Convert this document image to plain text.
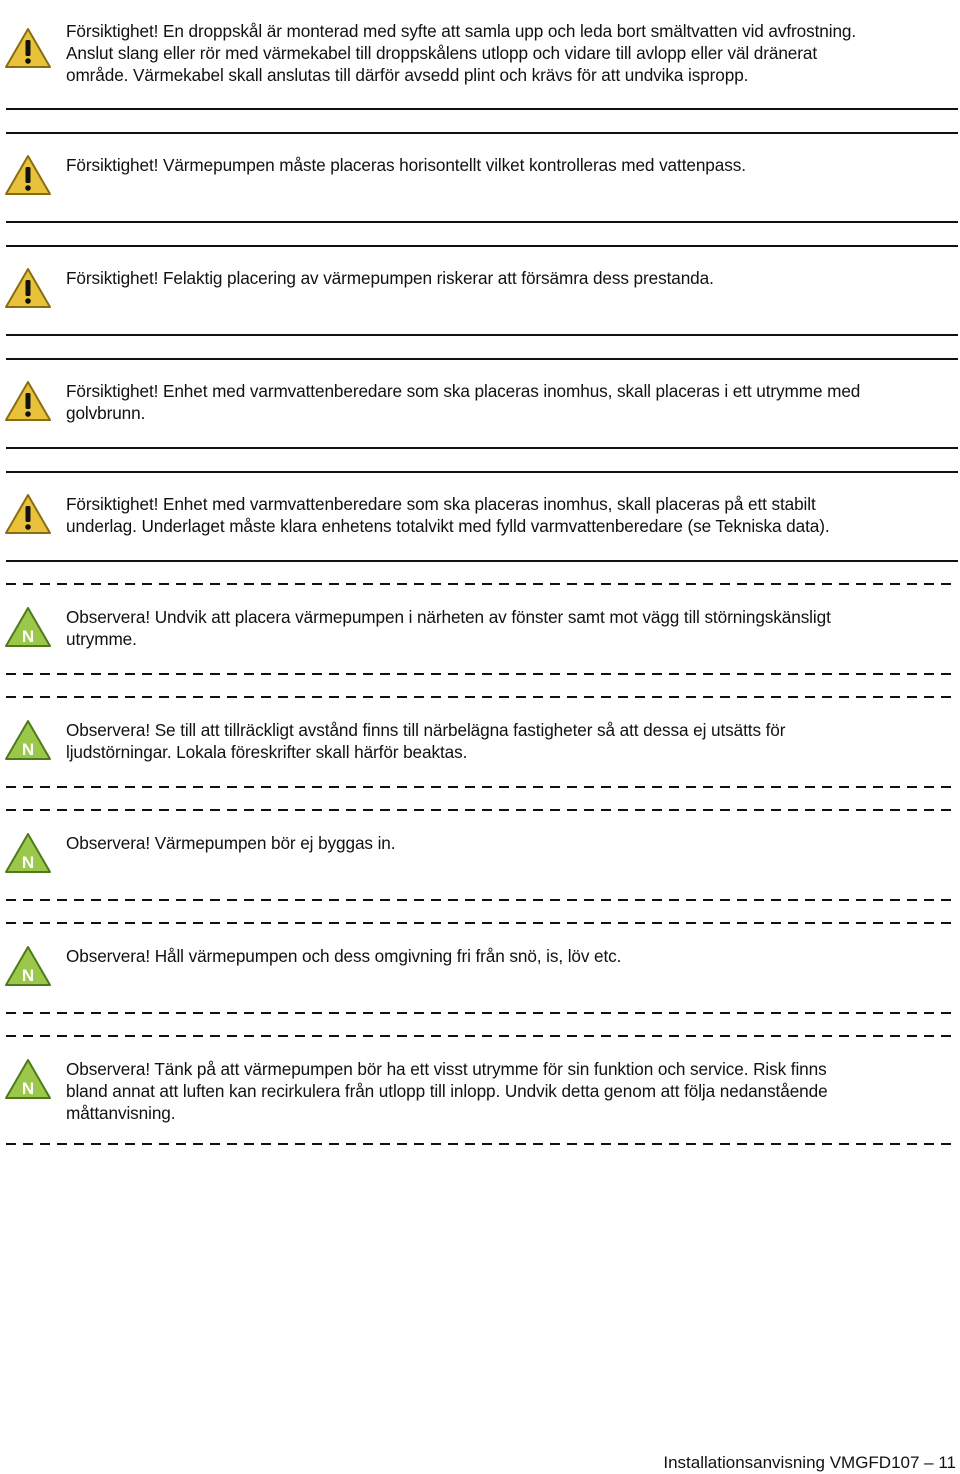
Försiktighet! En droppskål är monterad med syfte att samla upp och leda bort smältvatten vid avfrostning.
Anslut slang eller rör med värmekabel till droppskålens utlopp och vidare till avlopp eller väl dränerat
område. Värmekabel skall anslutas till därför avsedd plint och krävs för att undvika ispropp.
Försiktighet! Värmepumpen måste placeras horisontellt vilket kontrolleras med vattenpass.
Försiktighet! Felaktig placering av värmepumpen riskerar att försämra dess prestanda.
Försiktighet! Enhet med varmvattenberedare som ska placeras inomhus, skall placeras i ett utrymme med
golvbrunn.
Försiktighet! Enhet med varmvattenberedare som ska placeras inomhus, skall placeras på ett stabilt
underlag. Underlaget måste klara enhetens totalvikt med fylld varmvattenberedare (se Tekniska data).
N
Observera! Undvik att placera värmepumpen i närheten av fönster samt mot vägg till störningskänsligt
utrymme.
N
Observera! Se till att tillräckligt avstånd finns till närbelägna fastigheter så att dessa ej utsätts för
ljudstörningar. Lokala föreskrifter skall härför beaktas.
N
Observera! Värmepumpen bör ej byggas in.
N
Observera! Håll värmepumpen och dess omgivning fri från snö, is, löv etc.
N
Observera! Tänk på att värmepumpen bör ha ett visst utrymme för sin funktion och service. Risk finns
bland annat att luften kan recirkulera från utlopp till inlopp. Undvik detta genom att följa nedanstående
måttanvisning.
Installationsanvisning VMGFD107 – 11
